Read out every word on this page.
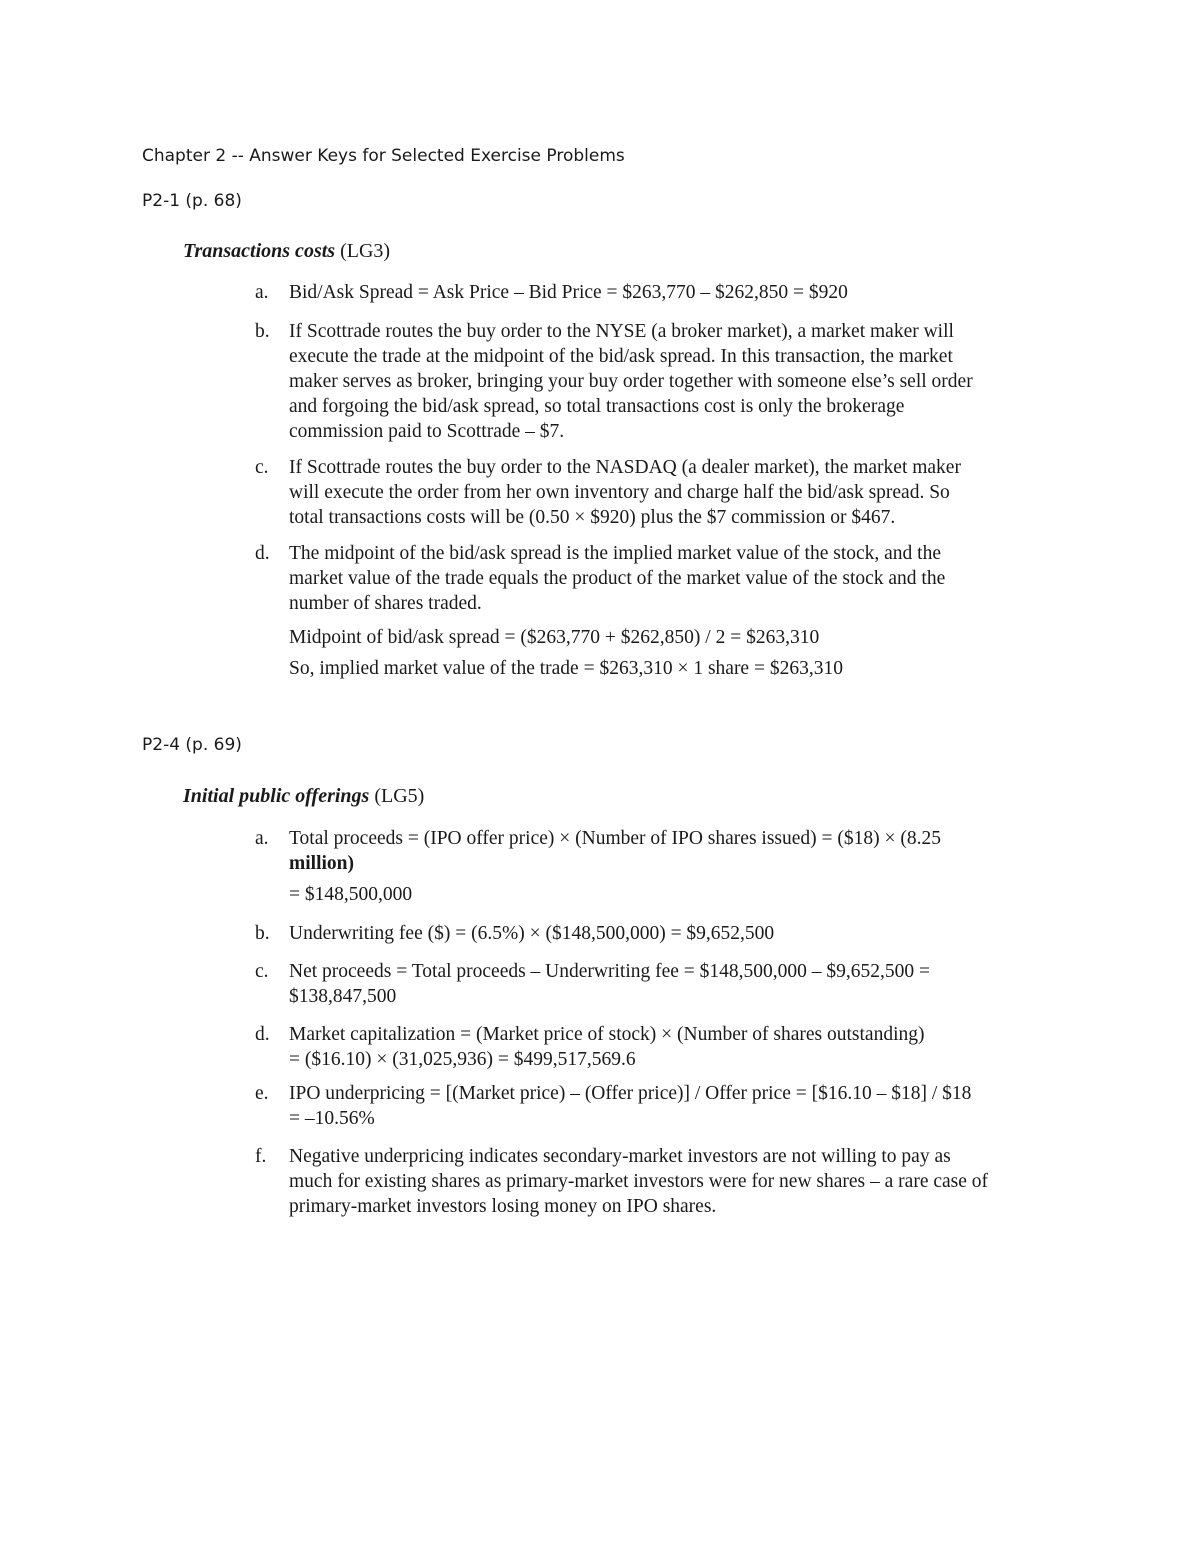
Chapter 2 -- Answer Keys for Selected Exercise Problems
P2-1 (p. 68)
Transactions costs (LG3)
a.	Bid/Ask Spread = Ask Price – Bid Price = $263,770 – $262,850 = $920
b. If Scottrade routes the buy order to the NYSE (a broker market), a market maker will
execute the trade at the midpoint of the bid/ask spread. In this transaction, the market
maker serves as broker, bringing your buy order together with someone else’s sell order
and forgoing the bid/ask spread, so total transactions cost is only the brokerage
commission paid to Scottrade – $7.
c.	If Scottrade routes the buy order to the NASDAQ (a dealer market), the market maker
will execute the order from her own inventory and charge half the bid/ask spread. So
total transactions costs will be (0.50 × $920) plus the $7 commission or $467.
d. The midpoint of the bid/ask spread is the implied market value of the stock, and the
market value of the trade equals the product of the market value of the stock and the
number of shares traded.
Midpoint of bid/ask spread = ($263,770 + $262,850) / 2 = $263,310
So, implied market value of the trade = $263,310 × 1 share = $263,310
P2-4 (p. 69)
Initial public offerings (LG5)
a.	Total proceeds = (IPO offer price) × (Number of IPO shares issued) = ($18) × (8.25
million)
= $148,500,000
b. Underwriting fee ($) = (6.5%) × ($148,500,000) = $9,652,500
c.	Net proceeds = Total proceeds – Underwriting fee = $148,500,000 – $9,652,500 =
$138,847,500
d. Market capitalization = (Market price of stock) × (Number of shares outstanding)
= ($16.10) × (31,025,936) = $499,517,569.6
e.	IPO underpricing = [(Market price) – (Offer price)] / Offer price = [$16.10 – $18] / $18
= –10.56%
f.	Negative underpricing indicates secondary-market investors are not willing to pay as
much for existing shares as primary-market investors were for new shares – a rare case of
primary-market investors losing money on IPO shares.
